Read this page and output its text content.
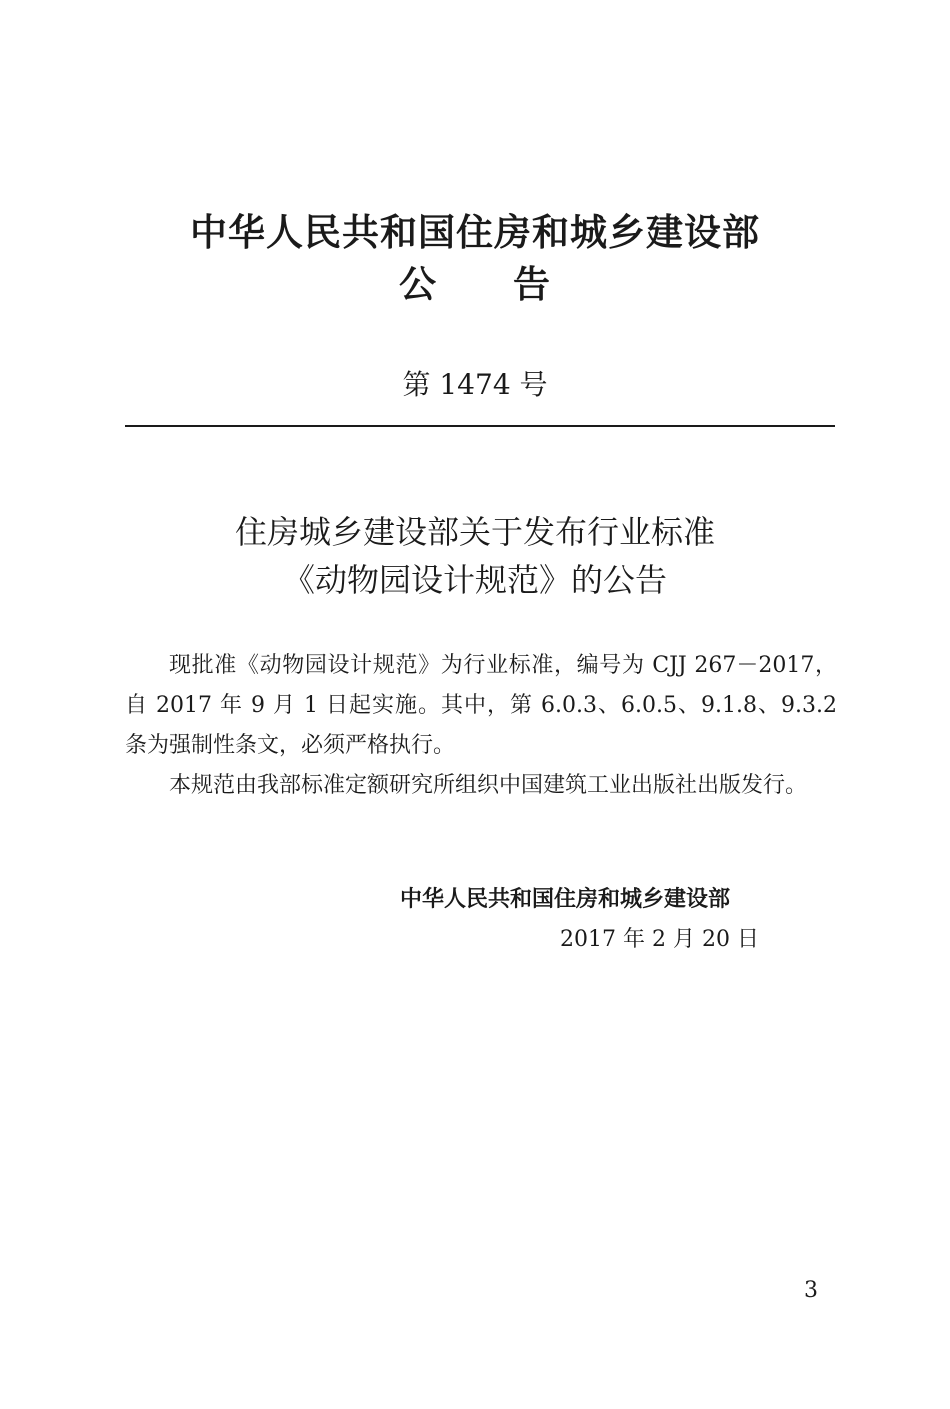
中华人民共和国住房和城乡建设部
公　　告
第 1474 号
住房城乡建设部关于发布行业标准
《动物园设计规范》的公告

现批准《动物园设计规范》为行业标准，编号为 CJJ 267－2017，自 2017 年 9 月 1 日起实施。其中，第 6.0.3、6.0.5、9.1.8、9.3.2 条为强制性条文，必须严格执行。

本规范由我部标准定额研究所组织中国建筑工业出版社出版发行。

中华人民共和国住房和城乡建设部
2017 年 2 月 20 日
3
